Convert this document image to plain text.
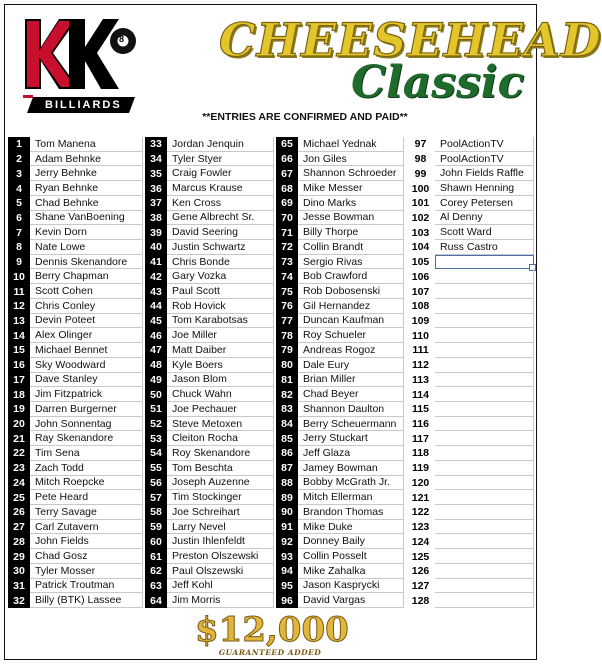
8
BILLIARDS
CHEESEHEAD
Classic
**ENTRIES ARE CONFIRMED AND PAID**
$12,000
GUARANTEED ADDED
1	Tom Manena
2	Adam Behnke
3	Jerry Behnke
4	Ryan Behnke
5	Chad Behnke
6	Shane VanBoening
7	Kevin Dorn
8	Nate Lowe
9	Dennis Skenandore
10 Berry Chapman
11 Scott Cohen
12 Chris Conley
13 Devin Poteet
14 Alex Olinger
15 Michael Bennet
16 Sky Woodward
17 Dave Stanley
18 Jim Fitzpatrick
19 Darren Burgerner
20 John Sonnentag
21 Ray Skenandore
22 Tim Sena
23 Zach Todd
24 Mitch Roepcke
25 Pete Heard
26 Terry Savage
27 Carl Zutavern
28 John Fields
29 Chad Gosz
30 Tyler Mosser
31 Patrick Troutman
32 Billy (BTK) Lassee
33 Jordan Jenquin
34 Tyler Styer
35 Craig Fowler
36 Marcus Krause
37 Ken Cross
38 Gene Albrecht Sr.
39 David Seering
40 Justin Schwartz
41 Chris Bonde
42 Gary Vozka
43 Paul Scott
44 Rob Hovick
45 Tom Karabotsas
46 Joe Miller
47 Matt Daiber
48 Kyle Boers
49 Jason Blom
50 Chuck Wahn
51 Joe Pechauer
52 Steve Metoxen
53 Cleiton Rocha
54 Roy Skenandore
55 Tom Beschta
56 Joseph Auzenne
57 Tim Stockinger
58 Joe Schreihart
59 Larry Nevel
60 Justin Ihlenfeldt
61 Preston Olszewski
62 Paul Olszewski
63 Jeff Kohl
64 Jim Morris
65 Michael Yednak
66 Jon Giles
67 Shannon Schroeder
68 Mike Messer
69 Dino Marks
70 Jesse Bowman
71 Billy Thorpe
72 Collin Brandt
73 Sergio Rivas
74 Bob Crawford
75 Rob Dobosenski
76 Gil Hernandez
77 Duncan Kaufman
78 Roy Schueler
79 Andreas Rogoz
80 Dale Eury
81 Brian Miller
82 Chad Beyer
83 Shannon Daulton
84 Berry Scheuermann
85 Jerry Stuckart
86 Jeff Glaza
87 Jamey Bowman
88 Bobby McGrath Jr.
89 Mitch Ellerman
90 Brandon Thomas
91 Mike Duke
92 Donney Baily
93 Collin Posselt
94 Mike Zahalka
95 Jason Kasprycki
96 David Vargas
97	PoolActionTV
98	PoolActionTV
99	John Fields Raffle
100	Shawn Henning
101	Corey Petersen
102	Al Denny
103	Scott Ward
104	Russ Castro
105
106
107
108
109
110
111
112
113
114
115
116
117
118
119
120
121
122
123
124
125
126
127
128
